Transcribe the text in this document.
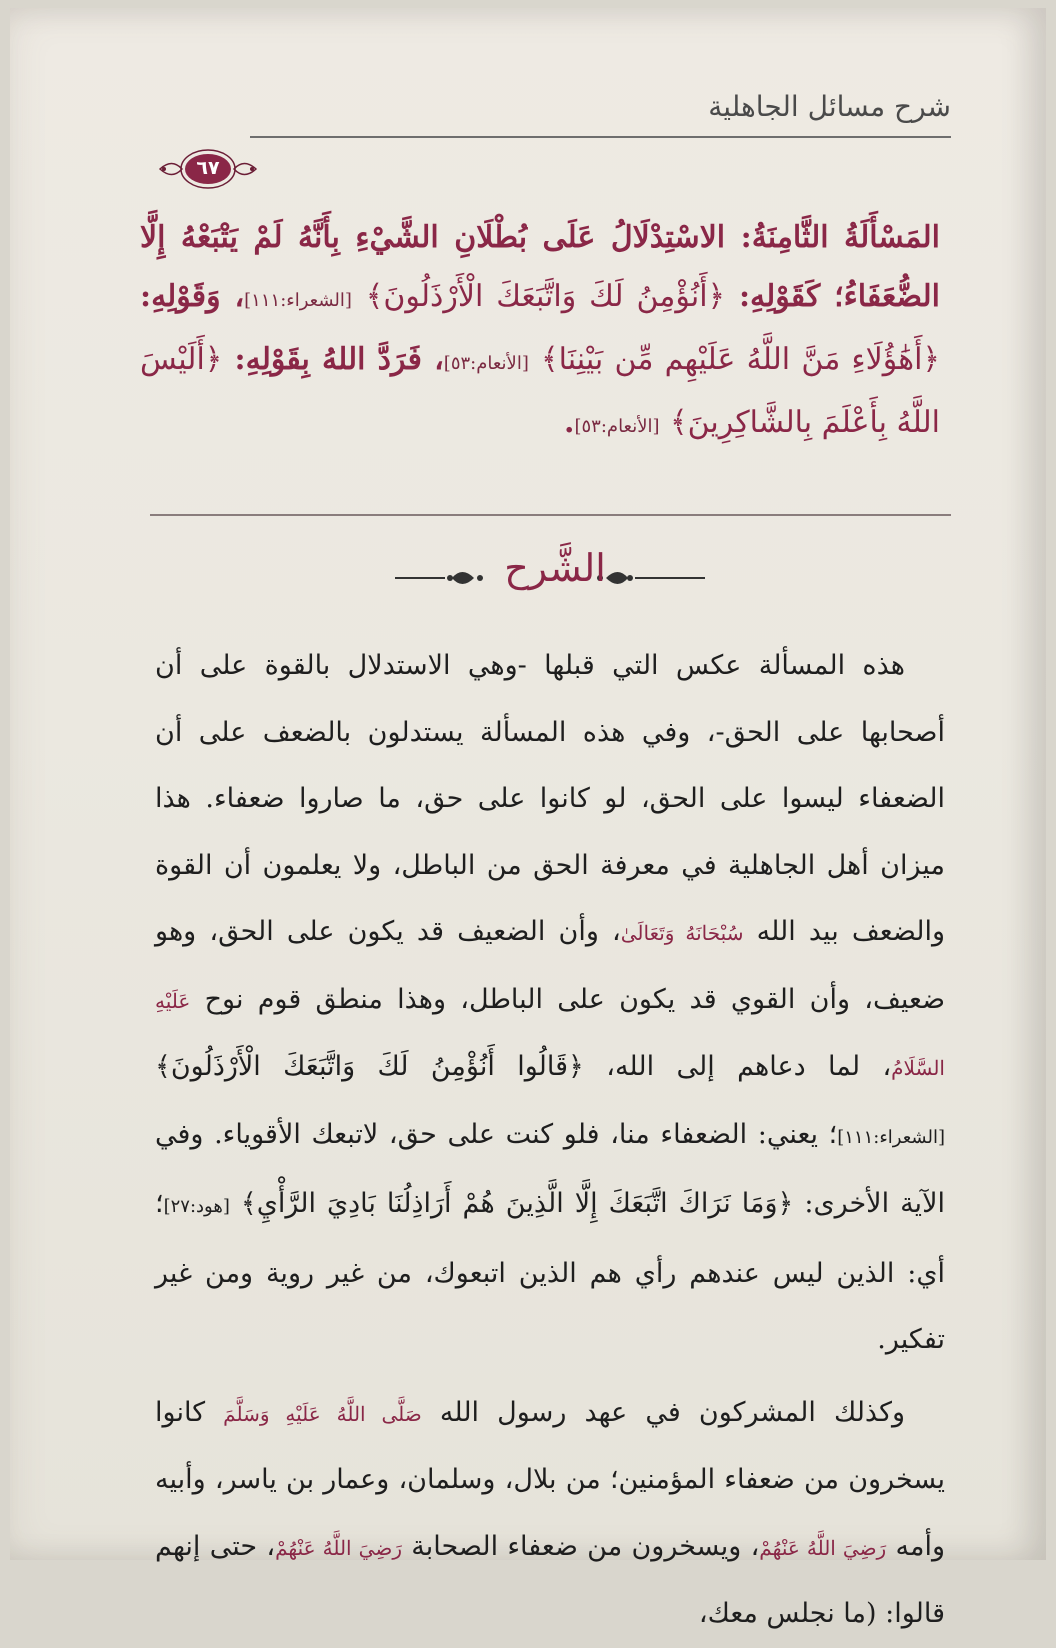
شرح مسائل الجاهلية
٦٧
المَسْأَلَةُ الثَّامِنَةُ: الاسْتِدْلَالُ عَلَى بُطْلَانِ الشَّيْءِ بِأَنَّهُ لَمْ يَتْبَعْهُ إِلَّا الضُّعَفَاءُ؛ كَقَوْلِهِ: ﴿أَنُؤْمِنُ لَكَ وَاتَّبَعَكَ الْأَرْذَلُونَ﴾ [الشعراء:١١١]، وَقَوْلِهِ: ﴿أَهَٰؤُلَاءِ مَنَّ اللَّهُ عَلَيْهِم مِّن بَيْنِنَا﴾ [الأنعام:٥٣]، فَرَدَّ اللهُ بِقَوْلِهِ: ﴿أَلَيْسَ اللَّهُ بِأَعْلَمَ بِالشَّاكِرِينَ﴾ [الأنعام:٥٣].
الشَّرح

هذه المسألة عكس التي قبلها -وهي الاستدلال بالقوة على أن أصحابها على الحق-، وفي هذه المسألة يستدلون بالضعف على أن الضعفاء ليسوا على الحق، لو كانوا على حق، ما صاروا ضعفاء. هذا ميزان أهل الجاهلية في معرفة الحق من الباطل، ولا يعلمون أن القوة والضعف بيد الله سُبْحَانَهُ وَتَعَالَىٰ، وأن الضعيف قد يكون على الحق، وهو ضعيف، وأن القوي قد يكون على الباطل، وهذا منطق قوم نوح عَلَيْهِ السَّلَامُ، لما دعاهم إلى الله، ﴿قَالُوا أَنُؤْمِنُ لَكَ وَاتَّبَعَكَ الْأَرْذَلُونَ﴾ [الشعراء:١١١]؛ يعني: الضعفاء منا، فلو كنت على حق، لاتبعك الأقوياء. وفي الآية الأخرى: ﴿وَمَا نَرَاكَ اتَّبَعَكَ إِلَّا الَّذِينَ هُمْ أَرَاذِلُنَا بَادِيَ الرَّأْيِ﴾ [هود:٢٧]؛ أي: الذين ليس عندهم رأي هم الذين اتبعوك، من غير روية ومن غير تفكير.

وكذلك المشركون في عهد رسول الله صَلَّى اللَّهُ عَلَيْهِ وَسَلَّمَ كانوا يسخرون من ضعفاء المؤمنين؛ من بلال، وسلمان، وعمار بن ياسر، وأبيه وأمه رَضِيَ اللَّهُ عَنْهُمْ، ويسخرون من ضعفاء الصحابة رَضِيَ اللَّهُ عَنْهُمْ، حتى إنهم قالوا: (ما نجلس معك،
